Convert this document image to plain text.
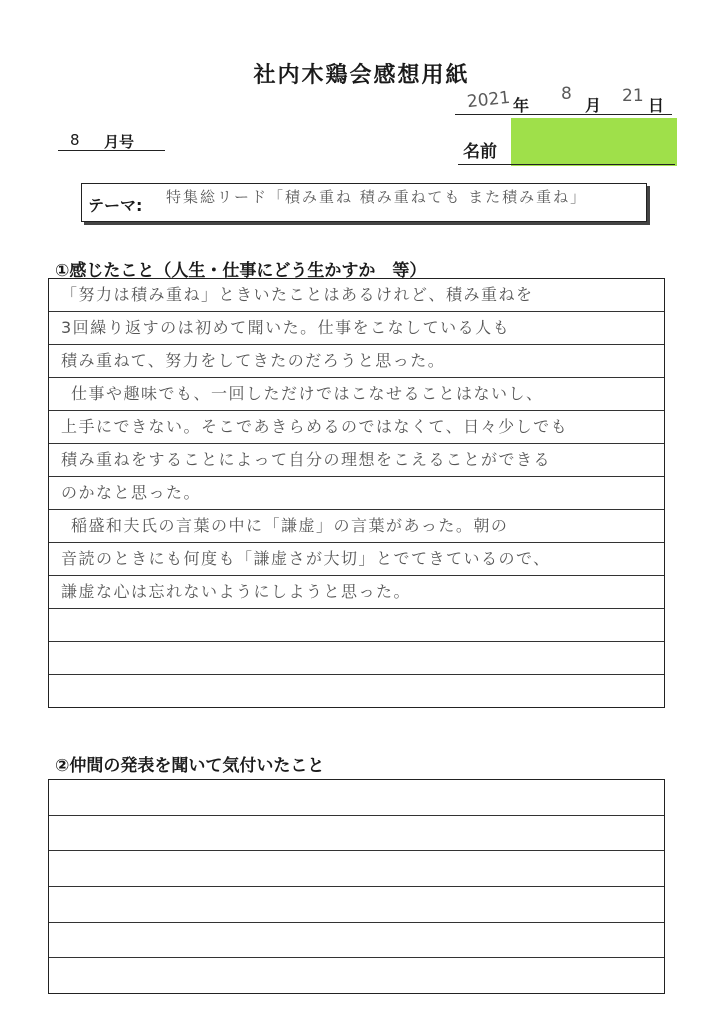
社内木鶏会感想用紙
2021 年
8
月 21 日
8 月号	名前
テーマ: 特集総リード「積み重ね 積み重ねても また積み重ね」
①感じたこと（人生・仕事にどう生かすか　等）
「努力は積み重ね」ときいたことはあるけれど、積み重ねを
3回繰り返すのは初めて聞いた。仕事をこなしている人も
積み重ねて、努力をしてきたのだろうと思った。
仕事や趣味でも、一回しただけではこなせることはないし、
上手にできない。そこであきらめるのではなくて、日々少しでも
積み重ねをすることによって自分の理想をこえることができる
のかなと思った。
稲盛和夫氏の言葉の中に「謙虚」の言葉があった。朝の
音読のときにも何度も「謙虚さが大切」とでてきているので、
謙虚な心は忘れないようにしようと思った。
②仲間の発表を聞いて気付いたこと
